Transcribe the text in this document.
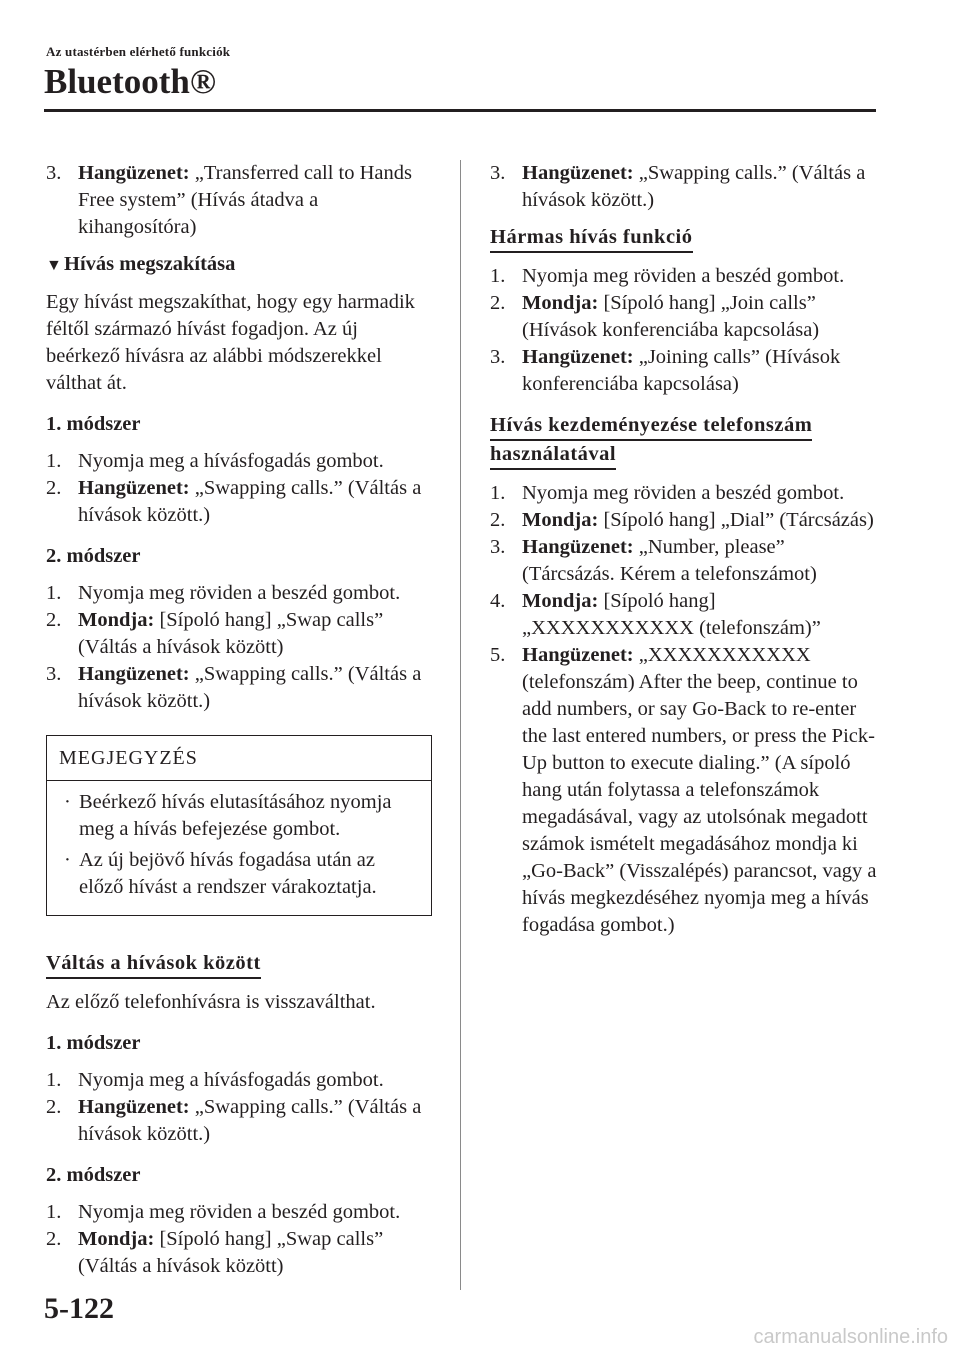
Az utastérben elérhető funkciók
Bluetooth®

3. Hangüzenet: „Transferred call to Hands Free system” (Hívás átadva a kihangosítóra)

▼ Hívás megszakítása

Egy hívást megszakíthat, hogy egy harmadik féltől származó hívást fogadjon. Az új beérkező hívásra az alábbi módszerekkel válthat át.

1. módszer

1. Nyomja meg a hívásfogadás gombot.

2. Hangüzenet: „Swapping calls.” (Váltás a hívások között.)

2. módszer

1. Nyomja meg röviden a beszéd gombot.

2. Mondja: [Sípoló hang] „Swap calls” (Váltás a hívások között)

3. Hangüzenet: „Swapping calls.” (Váltás a hívások között.)

MEGJEGYZÉS

· Beérkező hívás elutasításához nyomja meg a hívás befejezése gombot.

· Az új bejövő hívás fogadása után az előző hívást a rendszer várakoztatja.

Váltás a hívások között

Az előző telefonhívásra is visszaválthat.

1. módszer

1. Nyomja meg a hívásfogadás gombot.

2. Hangüzenet: „Swapping calls.” (Váltás a hívások között.)

2. módszer

1. Nyomja meg röviden a beszéd gombot.

2. Mondja: [Sípoló hang] „Swap calls” (Váltás a hívások között)

3. Hangüzenet: „Swapping calls.” (Váltás a hívások között.)

Hármas hívás funkció

1. Nyomja meg röviden a beszéd gombot.

2. Mondja: [Sípoló hang] „Join calls” (Hívások konferenciába kapcsolása)

3. Hangüzenet: „Joining calls” (Hívások konferenciába kapcsolása)

Hívás kezdeményezése telefonszám
használatával

1. Nyomja meg röviden a beszéd gombot.

2. Mondja: [Sípoló hang] „Dial” (Tárcsázás)

3. Hangüzenet: „Number, please” (Tárcsázás. Kérem a telefonszámot)

4. Mondja: [Sípoló hang] „XXXXXXXXXXX (telefonszám)”

5. Hangüzenet: „XXXXXXXXXXX (telefonszám) After the beep, continue to add numbers, or say Go-Back to re-enter the last entered numbers, or press the Pick-Up button to execute dialing.” (A sípoló hang után folytassa a telefonszámok megadásával, vagy az utolsónak megadott számok ismételt megadásához mondja ki „Go-Back” (Visszalépés) parancsot, vagy a hívás megkezdéséhez nyomja meg a hívás fogadása gombot.)

5-122
carmanualsonline.info
